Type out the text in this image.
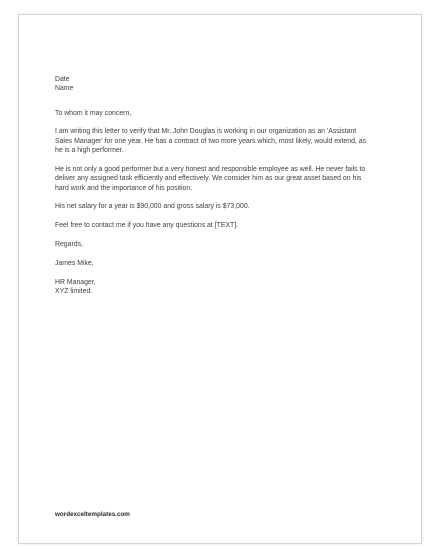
Date

Name

To whom it may concern,

I am writing this letter to verify that Mr. John Douglas is working in our organization as an 'Assistant

Sales Manager' for one year. He has a contract of two more years which, most likely, would extend, as

he is a high performer.

He is not only a good performer but a very honest and responsible employee as well. He never fails to

deliver any assigned task efficiently and effectively. We consider him as our great asset based on his

hard work and the importance of his position.

His net salary for a year is $90,000 and gross salary is $73,000.

Feel free to contact me if you have any questions at [TEXT].

Regards,

James Mike,

HR Manager,

XYZ limited.

wordexceltemplates.com
